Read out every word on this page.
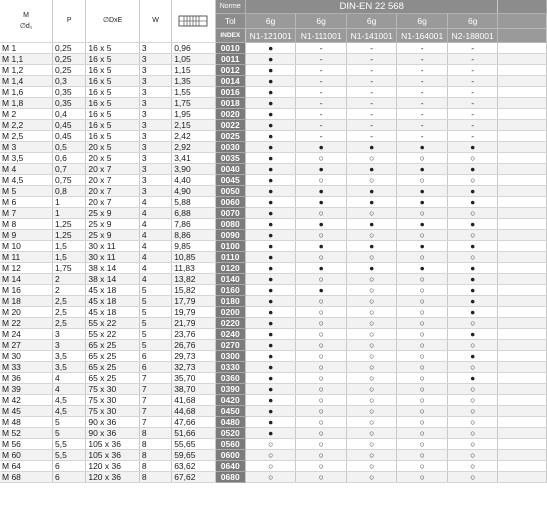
M
∅d₁	P	∅DxE	W		Norme	DIN-EN 22 568					
					Tol	6g	6g	6g	6g	6g	
					INDEX	N1-121001	N1-111001	N1-141001	N1-164001	N2-188001	
M 1	0,25	16 x 5	3	0,96	0010	●	-	-	-	-	
M 1,1	0,25	16 x 5	3	1,05	0011	●	-	-	-	-	
M 1,2	0,25	16 x 5	3	1,15	0012	●	-	-	-	-	
M 1,4	0,3	16 x 5	3	1,35	0014	●	-	-	-	-	
M 1,6	0,35	16 x 5	3	1,55	0016	●	-	-	-	-	
M 1,8	0,35	16 x 5	3	1,75	0018	●	-	-	-	-	
M 2	0,4	16 x 5	3	1,95	0020	●	-	-	-	-	
M 2,2	0,45	16 x 5	3	2,15	0022	●	-	-	-	-	
M 2,5	0,45	16 x 5	3	2,42	0025	●	-	-	-	-	
M 3	0,5	20 x 5	3	2,92	0030	●	●	●	●	●	
M 3,5	0,6	20 x 5	3	3,41	0035	●	○	○	○	○	
M 4	0,7	20 x 7	3	3,90	0040	●	●	●	●	●	
M 4,5	0,75	20 x 7	3	4,40	0045	●	○	○	○	○	
M 5	0,8	20 x 7	3	4,90	0050	●	●	●	●	●	
M 6	1	20 x 7	4	5,88	0060	●	●	●	●	●	
M 7	1	25 x 9	4	6,88	0070	●	○	○	○	○	
M 8	1,25	25 x 9	4	7,86	0080	●	●	●	●	●	
M 9	1,25	25 x 9	4	8,86	0090	●	○	○	○	○	
M 10	1,5	30 x 11	4	9,85	0100	●	●	●	●	●	
M 11	1,5	30 x 11	4	10,85	0110	●	○	○	○	○	
M 12	1,75	38 x 14	4	11,83	0120	●	●	●	●	●	
M 14	2	38 x 14	4	13,82	0140	●	○	○	○	●	
M 16	2	45 x 18	5	15,82	0160	●	●	○	○	●	
M 18	2,5	45 x 18	5	17,79	0180	●	○	○	○	●	
M 20	2,5	45 x 18	5	19,79	0200	●	○	○	○	●	
M 22	2,5	55 x 22	5	21,79	0220	●	○	○	○	○	
M 24	3	55 x 22	5	23,76	0240	●	○	○	○	●	
M 27	3	65 x 25	5	26,76	0270	●	○	○	○	○	
M 30	3,5	65 x 25	6	29,73	0300	●	○	○	○	●	
M 33	3,5	65 x 25	6	32,73	0330	●	○	○	○	○	
M 36	4	65 x 25	7	35,70	0360	●	○	○	○	●	
M 39	4	75 x 30	7	38,70	0390	●	○	○	○	○	
M 42	4,5	75 x 30	7	41,68	0420	●	○	○	○	○	
M 45	4,5	75 x 30	7	44,68	0450	●	○	○	○	○	
M 48	5	90 x 36	7	47,66	0480	●	○	○	○	○	
M 52	5	90 x 36	8	51,66	0520	●	○	○	○	○	
M 56	5,5	105 x 36	8	55,65	0560	○	○	○	○	○	
M 60	5,5	105 x 36	8	59,65	0600	○	○	○	○	○	
M 64	6	120 x 36	8	63,62	0640	○	○	○	○	○	
M 68	6	120 x 36	8	67,62	0680	○	○	○	○	○	
